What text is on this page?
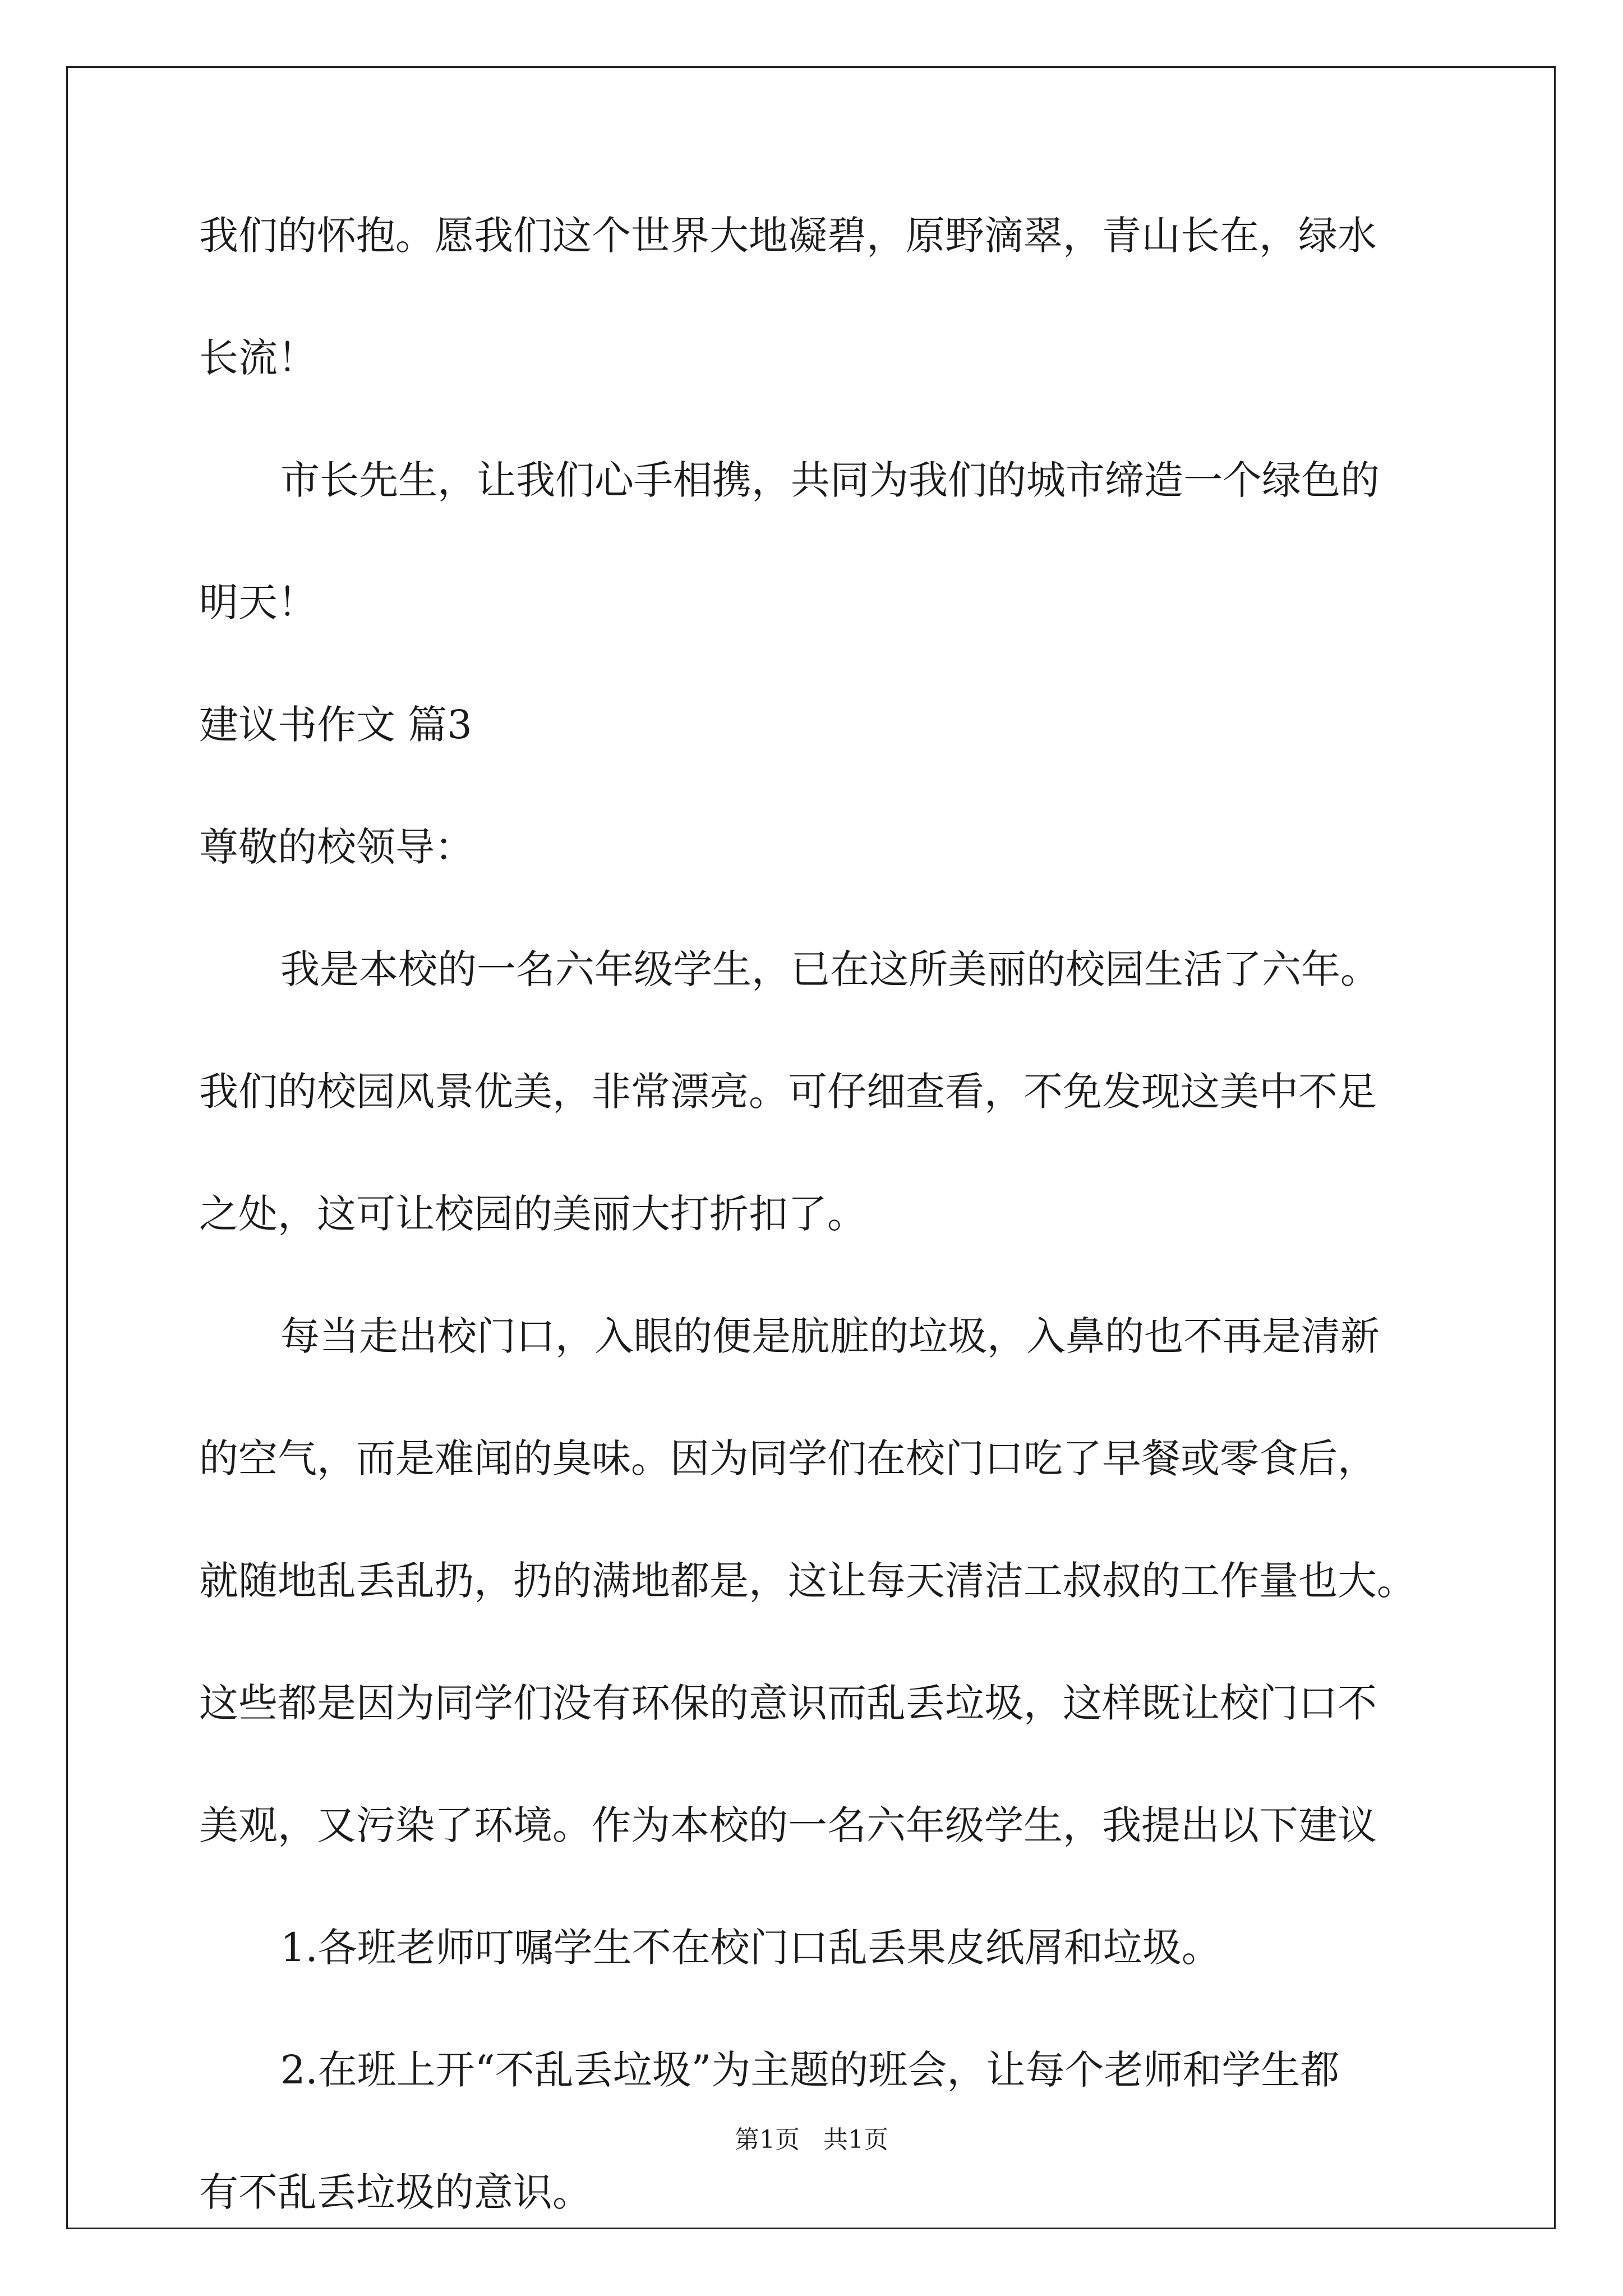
我们的怀抱。愿我们这个世界大地凝碧，原野滴翠，青山长在，绿水
长流！
市长先生，让我们心手相携，共同为我们的城市缔造一个绿色的
明天！
建议书作文 篇3
尊敬的校领导：
我是本校的一名六年级学生，已在这所美丽的校园生活了六年。
我们的校园风景优美，非常漂亮。可仔细查看，不免发现这美中不足
之处，这可让校园的美丽大打折扣了。
每当走出校门口，入眼的便是肮脏的垃圾，入鼻的也不再是清新
的空气，而是难闻的臭味。因为同学们在校门口吃了早餐或零食后，
就随地乱丢乱扔，扔的满地都是，这让每天清洁工叔叔的工作量也大。
这些都是因为同学们没有环保的意识而乱丢垃圾，这样既让校门口不
美观，又污染了环境。作为本校的一名六年级学生，我提出以下建议
1.各班老师叮嘱学生不在校门口乱丢果皮纸屑和垃圾。
2.在班上开“不乱丢垃圾”为主题的班会，让每个老师和学生都
有不乱丢垃圾的意识。
第1页   共1页
